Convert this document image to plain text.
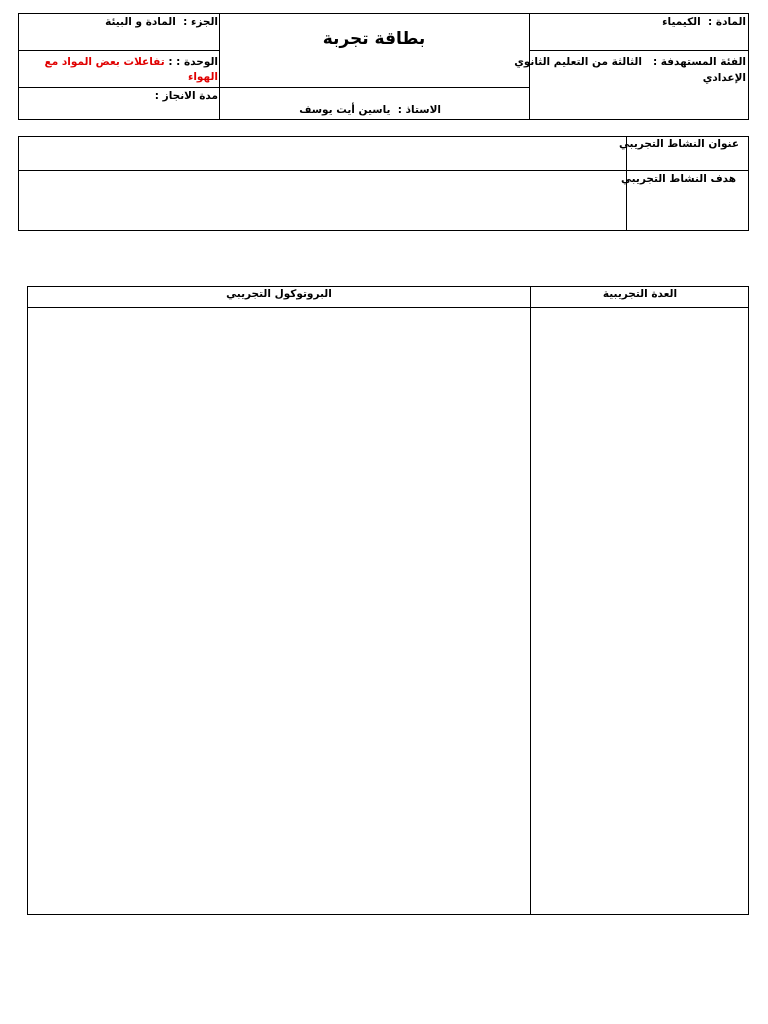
المادة :  الكيمياء
الفئة المستهدفة :   الثالثة من التعليم الثانوي
الإعدادي
بطاقة تجربة
الاستاذ :  ياسين أيت يوسف
الجزء :  المادة و البيئة
الوحدة : : تفاعلات بعض المواد مع
الهواء
مدة الانجاز :
عنوان النشاط التجريبي
هدف النشاط التجريبي
العدة التجريبية
البروتوكول التجريبي
